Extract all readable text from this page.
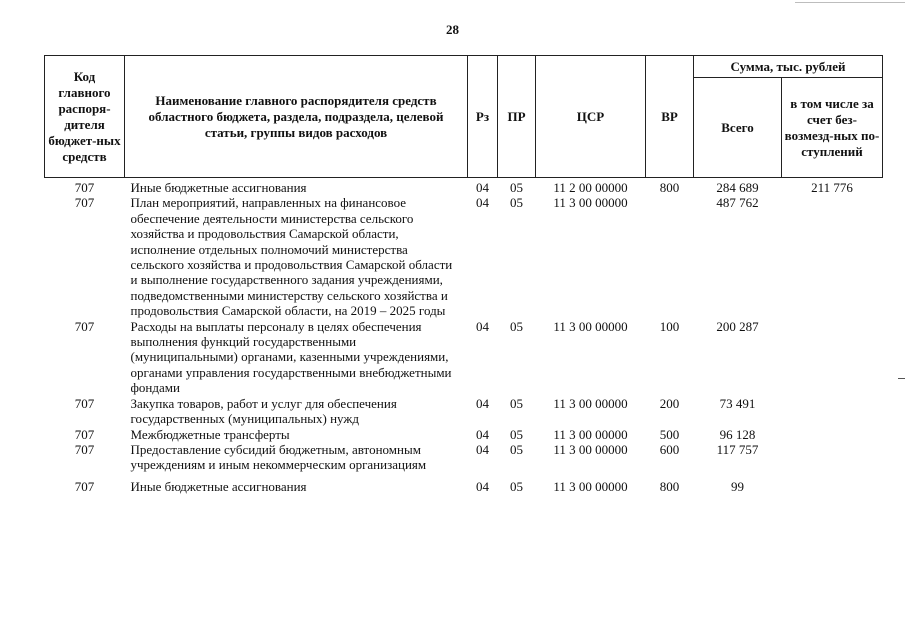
28
Код главного распоря-дителя бюджет-ных средств	Наименование главного распорядителя средств областного бюджета, раздела, подраздела, целевой статьи, группы видов расходов	Рз	ПР	ЦСР	ВР	Сумма, тыс. рублей	
						Всего	в том числе за счет без-возмезд-ных по-ступлений
707	Иные бюджетные ассигнования	04	05	11 2 00 00000	800	284 689	211 776
707	План мероприятий, направленных на финансовое обеспечение деятельности министерства сельского хозяйства и продовольствия Самарской области, исполнение отдельных полномочий министерства сельского хозяйства и продовольствия Самарской области и выполнение государственного задания учреждениями, подведомственными министерству сельского хозяйства и продовольствия Самарской области, на 2019 – 2025 годы	04	05	11 3 00 00000		487 762	
707	Расходы на выплаты персоналу в целях обеспечения выполнения функций государственными (муниципальными) органами, казенными учреждениями, органами управления государственными внебюджетными фондами	04	05	11 3 00 00000	100	200 287	
707	Закупка товаров, работ и услуг для обеспечения государственных (муниципальных) нужд	04	05	11 3 00 00000	200	73 491	
707	Межбюджетные трансферты	04	05	11 3 00 00000	500	96 128	
707	Предоставление субсидий бюджетным, автономным учреждениям и иным некоммерческим организациям	04	05	11 3 00 00000	600	117 757	
707	Иные бюджетные ассигнования	04	05	11 3 00 00000	800	99	
